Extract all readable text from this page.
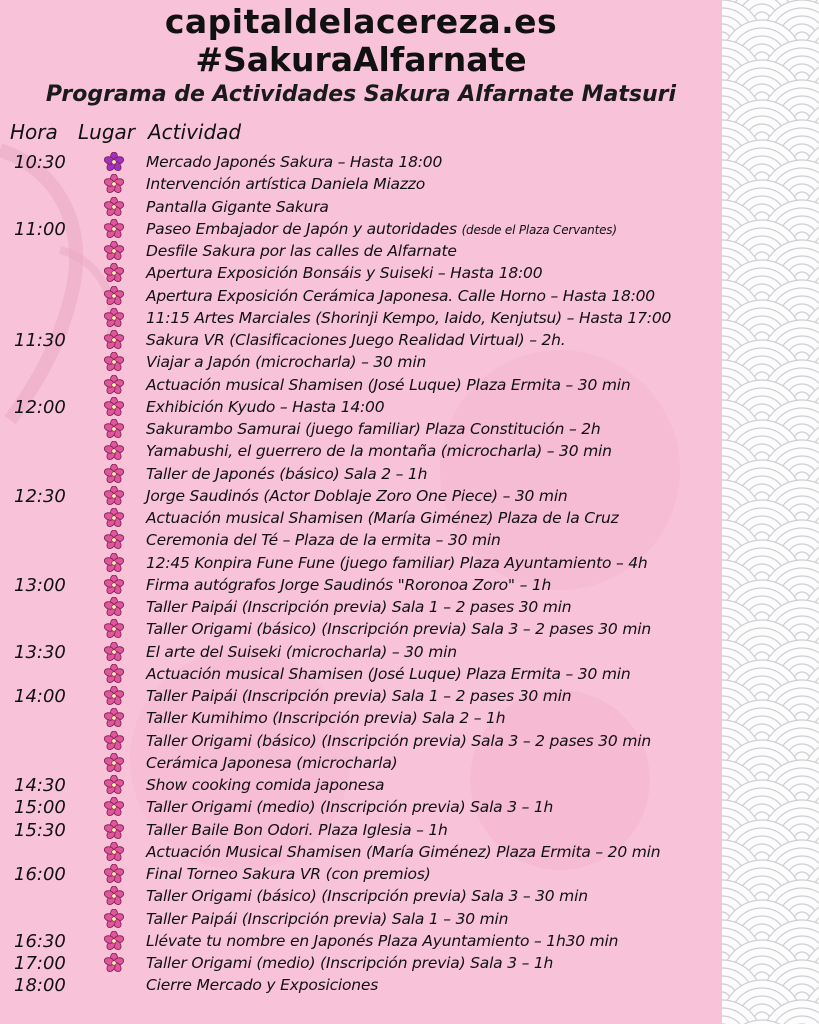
capitaldelacereza.es
#SakuraAlfarnate
Programa de Actividades Sakura Alfarnate Matsuri
Hora Lugar Actividad
10:30	Mercado Japonés Sakura – Hasta 18:00
Intervención artística Daniela Miazzo
Pantalla Gigante Sakura
11:00	Paseo Embajador de Japón y autoridades (desde el Plaza Cervantes)
Desfile Sakura por las calles de Alfarnate
Apertura Exposición Bonsáis y Suiseki – Hasta 18:00
Apertura Exposición Cerámica Japonesa. Calle Horno – Hasta 18:00
11:15 Artes Marciales (Shorinji Kempo, Iaido, Kenjutsu) – Hasta 17:00
11:30	Sakura VR (Clasificaciones Juego Realidad Virtual) – 2h.
Viajar a Japón (microcharla) – 30 min
Actuación musical Shamisen (José Luque) Plaza Ermita – 30 min
12:00	Exhibición Kyudo – Hasta 14:00
Sakurambo Samurai (juego familiar) Plaza Constitución – 2h
Yamabushi, el guerrero de la montaña (microcharla) – 30 min
Taller de Japonés (básico) Sala 2 – 1h
12:30	Jorge Saudinós (Actor Doblaje Zoro One Piece) – 30 min
Actuación musical Shamisen (María Giménez) Plaza de la Cruz
Ceremonia del Té – Plaza de la ermita – 30 min
12:45 Konpira Fune Fune (juego familiar) Plaza Ayuntamiento – 4h
13:00	Firma autógrafos Jorge Saudinós "Roronoa Zoro" – 1h
Taller Paipái (Inscripción previa) Sala 1 – 2 pases 30 min
Taller Origami (básico) (Inscripción previa) Sala 3 – 2 pases 30 min
13:30	El arte del Suiseki (microcharla) – 30 min
Actuación musical Shamisen (José Luque) Plaza Ermita – 30 min
14:00	Taller Paipái (Inscripción previa) Sala 1 – 2 pases 30 min
Taller Kumihimo (Inscripción previa) Sala 2 – 1h
Taller Origami (básico) (Inscripción previa) Sala 3 – 2 pases 30 min
Cerámica Japonesa (microcharla)
14:30	Show cooking comida japonesa
15:00	Taller Origami (medio) (Inscripción previa) Sala 3 – 1h
15:30	Taller Baile Bon Odori. Plaza Iglesia – 1h
Actuación Musical Shamisen (María Giménez) Plaza Ermita – 20 min
16:00	Final Torneo Sakura VR (con premios)
Taller Origami (básico) (Inscripción previa) Sala 3 – 30 min
Taller Paipái (Inscripción previa) Sala 1 – 30 min
16:30	Llévate tu nombre en Japonés Plaza Ayuntamiento – 1h30 min
17:00	Taller Origami (medio) (Inscripción previa) Sala 3 – 1h
18:00	Cierre Mercado y Exposiciones
